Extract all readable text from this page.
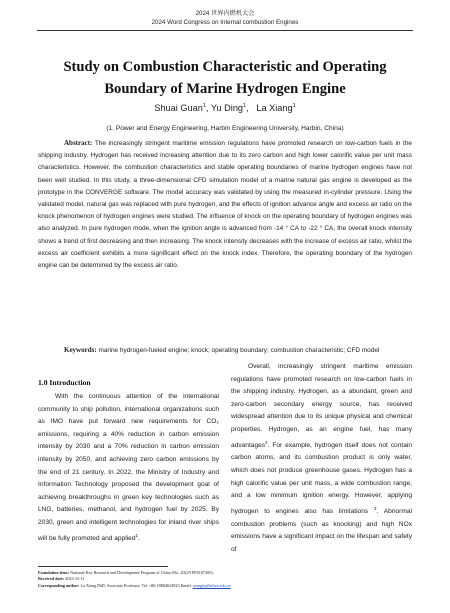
2024 世界内燃机大会
2024 Word Congress on Internal combustion Engines
Study on Combustion Characteristic and Operating
Boundary of Marine Hydrogen Engine
Shuai Guan$^1$, Yu Ding$^1$,   La Xiang$^1$
(1. Power and Energy Engineering, Harbin Engineering University, Harbin, China)
Abstract: The increasingly stringent maritime emission regulations have promoted research on low-carbon fuels in the shipping industry. Hydrogen has received increasing attention due to its zero carbon and high lower calorific value per unit mass characteristics. However, the combustion characteristics and stable operating boundaries of marine hydrogen engines have not been well studied. In this study, a three-dimensional CFD simulation model of a marine natural gas engine is developed as the prototype in the CONVERGE software. The model accuracy was validated by using the measured in-cylinder pressure. Using the validated model, natural gas was replaced with pure hydrogen, and the effects of ignition advance angle and excess air ratio on the knock phenomenon of hydrogen engines were studied. The influence of knock on the operating boundary of hydrogen engines was also analyzed. In pure hydrogen mode, when the ignition angle is advanced from -14 ° CA to -22 ° CA, the overall knock intensity shows a trend of first decreasing and then increasing. The knock intensity decreases with the increase of excess air ratio, whilst the excess air coefficient exhibits a more significant effect on the knock index. Therefore, the operating boundary of the hydrogen engine can be determined by the excess air ratio.
Keywords: marine hydrogen-fueled engine; knock; operating boundary; combustion characteristic; CFD model
1.0 Introduction
With the continuous attention of the international community to ship pollution, international organizations such as IMO have put forward new requirements for CO₂ emissions, requiring a 40% reduction in carbon emission intensity by 2030 and a 70% reduction in carbon emission intensity by 2050, and achieving zero carbon emissions by the end of 21 century. In 2022, the Ministry of Industry and Information Technology proposed the development goal of achieving breakthroughs in green key technologies such as LNG, batteries, methanol, and hydrogen fuel by 2025. By 2030, green and intelligent technologies for inland river ships will be fully promoted and applied$^1$.
Overall, increasingly stringent maritime emission regulations have promoted research on low-carbon fuels in the shipping industry. Hydrogen, as a abundant, green and zero-carbon secondary energy source, has received widespread attention due to its unique physical and chemical properties. Hydrogen, as an engine fuel, has many advantages$^2$. For example, hydrogen itself does not contain carbon atoms, and its combustion product is only water, which does not produce greenhouse gases. Hydrogen has a high calorific value per unit mass, a wide combustion range, and a low minimum ignition energy. However, applying hydrogen to engines also has limitations $^3$. Abnormal combustion problems (such as knocking) and high NOx emissions have a significant impact on the lifespan and safety of
Foundation item: National Key Research and Development Program of China (No. 2022YFE0107200).
Received date: 2023-12-11
Corresponding author: La Xiang PhD, Associate Professor, Tel. +86 18804624923 Email: xiangla@hrbeu.edu.cn
